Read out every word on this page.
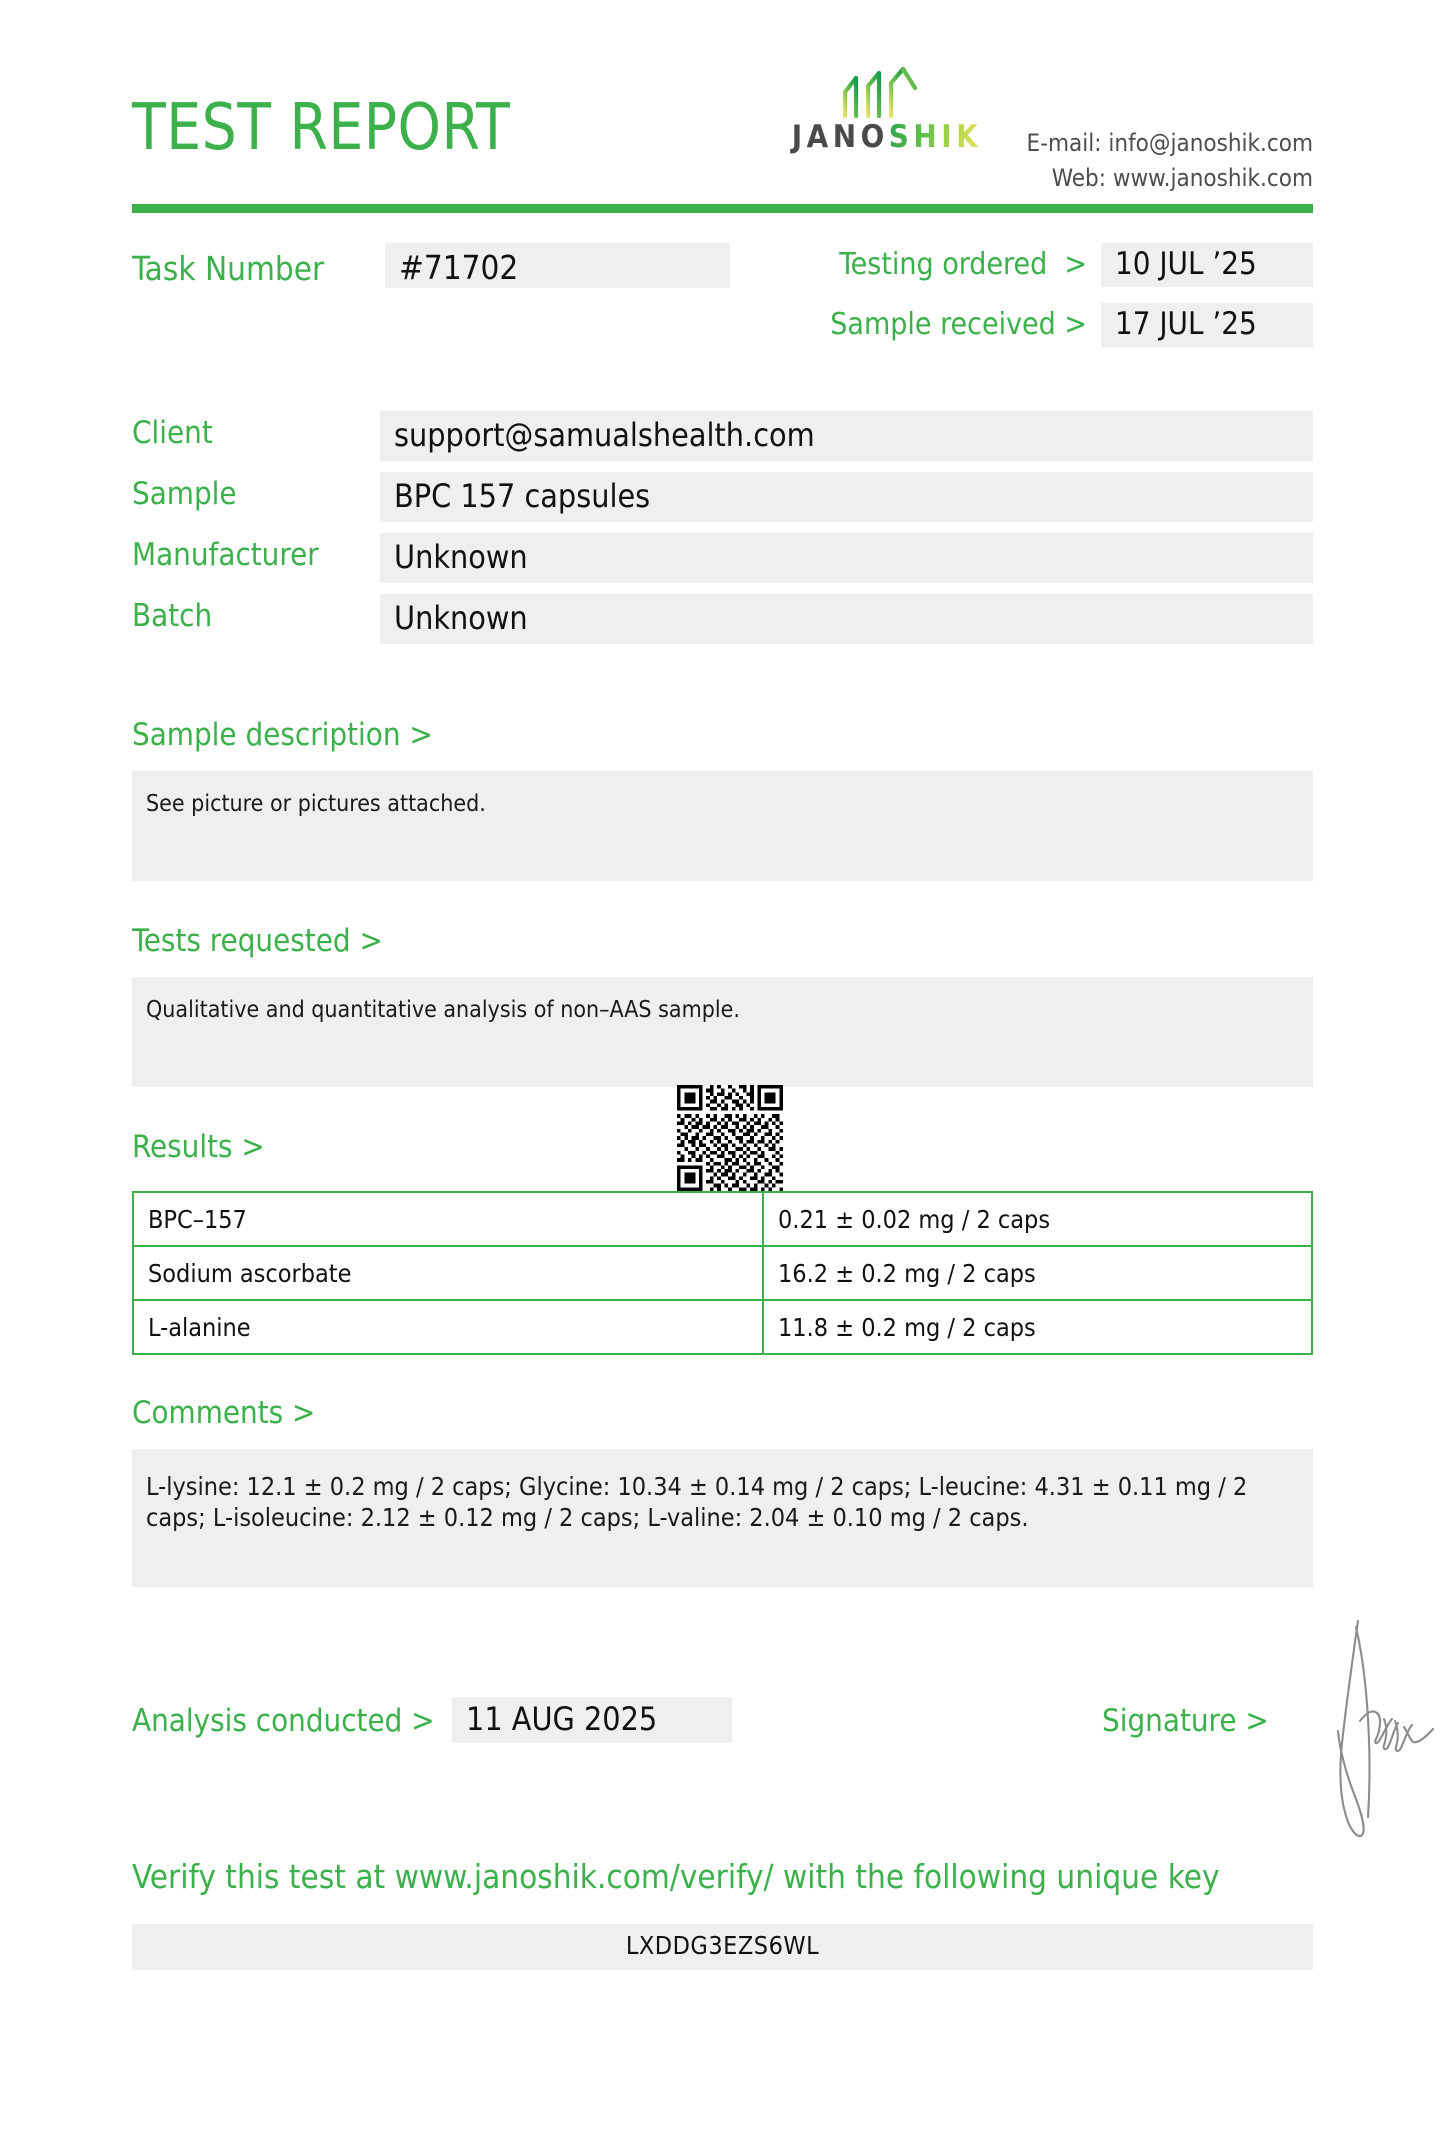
TEST REPORT	JANOSHIK	E-mail: info@janoshik.com
Web: www.janoshik.com
Task Number	#71702	Testing ordered > 10 JUL ’25
Sample received > 17 JUL ’25
Client	support@samualshealth.com
Sample	BPC 157 capsules
Manufacturer	Unknown
Batch	Unknown
Sample description >
See picture or pictures attached.
Tests requested >
Qualitative and quantitative analysis of non–AAS sample.
Results >
BPC–157	0.21 ± 0.02 mg / 2 caps
Sodium ascorbate	16.2 ± 0.2 mg / 2 caps
L-alanine	11.8 ± 0.2 mg / 2 caps
Comments >
L-lysine: 12.1 ± 0.2 mg / 2 caps; Glycine: 10.34 ± 0.14 mg / 2 caps; L-leucine: 4.31 ± 0.11 mg / 2 caps; L-isoleucine: 2.12 ± 0.12 mg / 2 caps; L-valine: 2.04 ± 0.10 mg / 2 caps.
Analysis conducted > 11 AUG 2025	Signature >
Verify this test at www.janoshik.com/verify/ with the following unique key
LXDDG3EZS6WL
